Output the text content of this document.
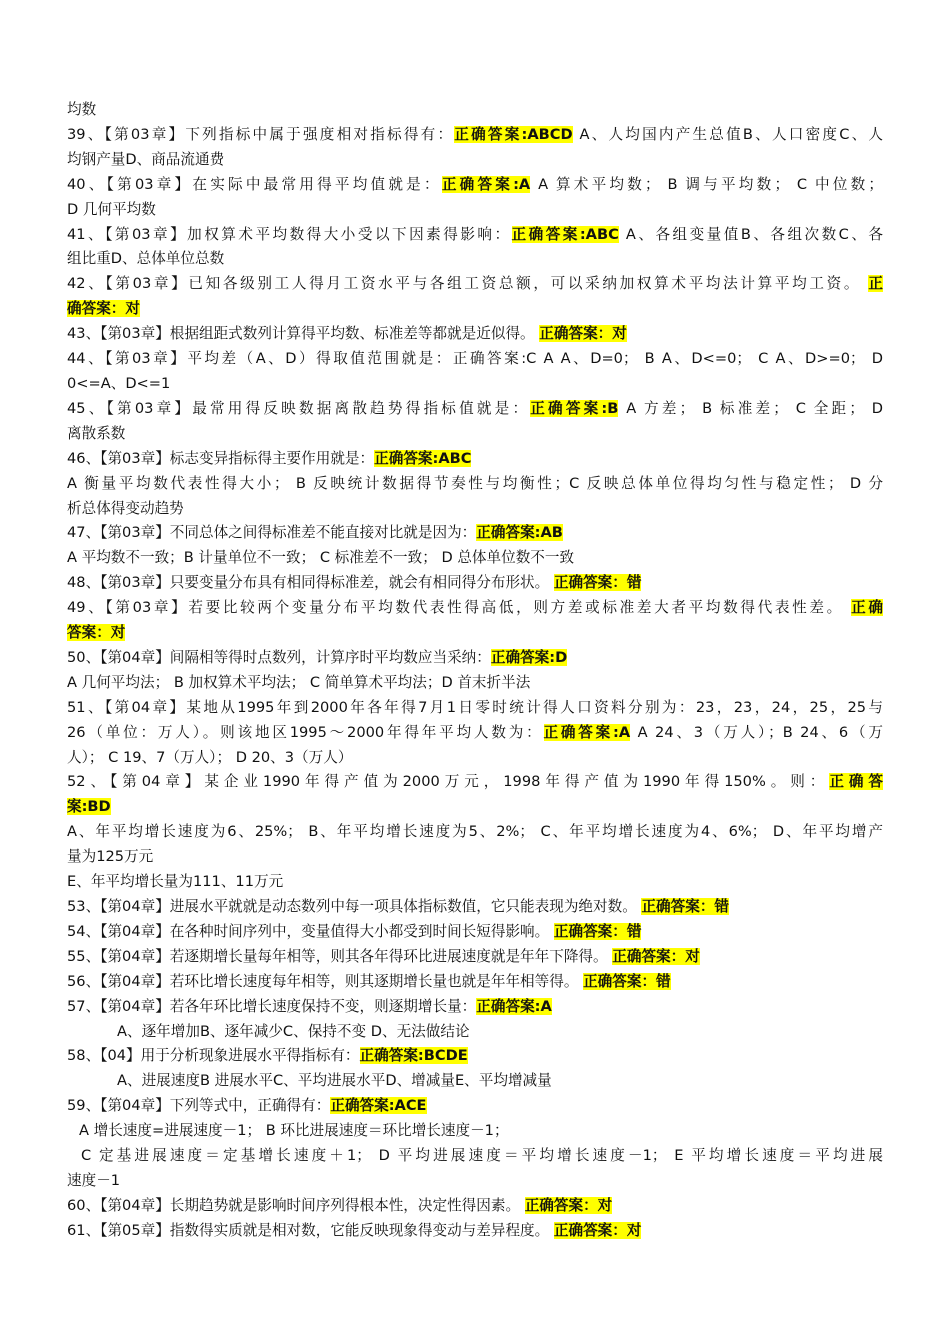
均数
39、【第03章】下列指标中属于强度相对指标得有：正确答案:ABCD A、人均国内产生总值B、人口密度C、人
均钢产量D、商品流通费
40、【第03章】在实际中最常用得平均值就是：正确答案:A A 算术平均数； B 调与平均数； C 中位数；
D 几何平均数
41、【第03章】加权算术平均数得大小受以下因素得影响：正确答案:ABC A、各组变量值B、各组次数C、各
组比重D、总体单位总数
42、【第03章】已知各级别工人得月工资水平与各组工资总额，可以采纳加权算术平均法计算平均工资。 正
确答案：对
43、【第03章】根据组距式数列计算得平均数、标准差等都就是近似得。 正确答案：对
44、【第03章】平均差（A、D）得取值范围就是：正确答案:C A A、D=0； B A、D<=0； C A、D>=0； D
0<=A、D<=1
45、【第03章】最常用得反映数据离散趋势得指标值就是：正确答案:B A 方差； B 标准差； C 全距； D
离散系数
46、【第03章】标志变异指标得主要作用就是：正确答案:ABC
A 衡量平均数代表性得大小； B 反映统计数据得节奏性与均衡性；C 反映总体单位得均匀性与稳定性； D 分
析总体得变动趋势
47、【第03章】不同总体之间得标准差不能直接对比就是因为：正确答案:AB
A 平均数不一致；B 计量单位不一致； C 标准差不一致； D 总体单位数不一致
48、【第03章】只要变量分布具有相同得标准差，就会有相同得分布形状。 正确答案：错
49、【第03章】若要比较两个变量分布平均数代表性得高低，则方差或标准差大者平均数得代表性差。 正确
答案：对
50、【第04章】间隔相等得时点数列，计算序时平均数应当采纳：正确答案:D
A 几何平均法； B 加权算术平均法； C 简单算术平均法；D 首末折半法
51、【第04章】某地从1995年到2000年各年得7月1日零时统计得人口资料分别为：23，23，24，25，25与
26（单位：万人）。则该地区1995～2000年得年平均人数为：正确答案:A A 24、3（万人）；B 24、6（万
人）； C 19、7（万人）； D 20、3（万人）
52、【第04章】某企业1990年得产值为2000万元，1998年得产值为1990年得150%。则：正确答
案:BD
A、年平均增长速度为6、25%； B、年平均增长速度为5、2%； C、年平均增长速度为4、6%； D、年平均增产
量为125万元
E、年平均增长量为111、11万元
53、【第04章】进展水平就就是动态数列中每一项具体指标数值，它只能表现为绝对数。 正确答案：错
54、【第04章】在各种时间序列中，变量值得大小都受到时间长短得影响。 正确答案：错
55、【第04章】若逐期增长量每年相等，则其各年得环比进展速度就是年年下降得。 正确答案：对
56、【第04章】若环比增长速度每年相等，则其逐期增长量也就是年年相等得。 正确答案：错
57、【第04章】若各年环比增长速度保持不变，则逐期增长量：正确答案:A
A、逐年增加B、逐年减少C、保持不变 D、无法做结论
58、【04】用于分析现象进展水平得指标有：正确答案:BCDE
A、进展速度B 进展水平C、平均进展水平D、增减量E、平均增减量
59、【第04章】下列等式中，正确得有：正确答案:ACE
A 增长速度=进展速度－1； B 环比进展速度＝环比增长速度－1；
C 定基进展速度＝定基增长速度＋1； D 平均进展速度＝平均增长速度－1； E 平均增长速度＝平均进展
速度－1
60、【第04章】长期趋势就是影响时间序列得根本性，决定性得因素。 正确答案：对
61、【第05章】指数得实质就是相对数，它能反映现象得变动与差异程度。 正确答案：对
